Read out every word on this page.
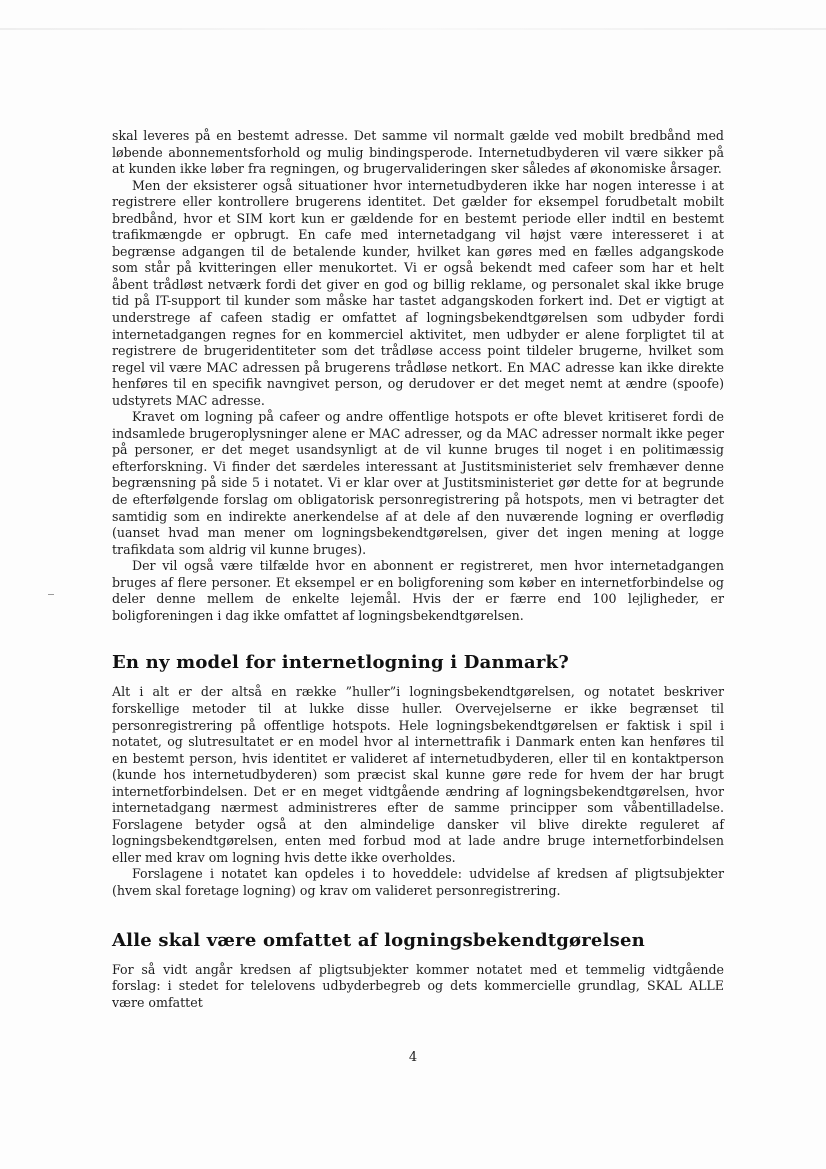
skal leveres på en bestemt adresse. Det samme vil normalt gælde ved mobilt bredbånd med løbende abonnementsforhold og mulig bindingsperode. Internetudbyderen vil være sikker på at kunden ikke løber fra regningen, og brugervalideringen sker således af økonomiske årsager.

Men der eksisterer også situationer hvor internetudbyderen ikke har nogen interesse i at registrere eller kontrollere brugerens identitet. Det gælder for eksempel forudbetalt mobilt bredbånd, hvor et SIM kort kun er gældende for en bestemt periode eller indtil en bestemt trafikmængde er opbrugt. En cafe med internetadgang vil højst være interesseret i at begrænse adgangen til de betalende kunder, hvilket kan gøres med en fælles adgangskode som står på kvitteringen eller menukortet. Vi er også bekendt med cafeer som har et helt åbent trådløst netværk fordi det giver en god og billig reklame, og personalet skal ikke bruge tid på IT-support til kunder som måske har tastet adgangskoden forkert ind. Det er vigtigt at understrege af cafeen stadig er omfattet af logningsbekendtgørelsen som udbyder fordi internetadgangen regnes for en kommerciel aktivitet, men udbyder er alene forpligtet til at registrere de brugeridentiteter som det trådløse access point tildeler brugerne, hvilket som regel vil være MAC adressen på brugerens trådløse netkort. En MAC adresse kan ikke direkte henføres til en specifik navngivet person, og derudover er det meget nemt at ændre (spoofe) udstyrets MAC adresse.

Kravet om logning på cafeer og andre offentlige hotspots er ofte blevet kritiseret fordi de indsamlede brugeroplysninger alene er MAC adresser, og da MAC adresser normalt ikke peger på personer, er det meget usandsynligt at de vil kunne bruges til noget i en politimæssig efterforskning. Vi finder det særdeles interessant at Justitsministeriet selv fremhæver denne begrænsning på side 5 i notatet. Vi er klar over at Justitsministeriet gør dette for at begrunde de efterfølgende forslag om obligatorisk personregistrering på hotspots, men vi betragter det samtidig som en indirekte anerkendelse af at dele af den nuværende logning er overflødig (uanset hvad man mener om logningsbekendtgørelsen, giver det ingen mening at logge trafikdata som aldrig vil kunne bruges).

Der vil også være tilfælde hvor en abonnent er registreret, men hvor internetadgangen bruges af flere personer. Et eksempel er en boligforening som køber en internetforbindelse og deler denne mellem de enkelte lejemål. Hvis der er færre end 100 lejligheder, er boligforeningen i dag ikke omfattet af logningsbekendtgørelsen.

En ny model for internetlogning i Danmark?

Alt i alt er der altså en række ”huller”i logningsbekendtgørelsen, og notatet beskriver forskellige metoder til at lukke disse huller. Overvejelserne er ikke begrænset til personregistrering på offentlige hotspots. Hele logningsbekendtgørelsen er faktisk i spil i notatet, og slutresultatet er en model hvor al internettrafik i Danmark enten kan henføres til en bestemt person, hvis identitet er valideret af internetudbyderen, eller til en kontaktperson (kunde hos internetudbyderen) som præcist skal kunne gøre rede for hvem der har brugt internetforbindelsen. Det er en meget vidtgående ændring af logningsbekendtgørelsen, hvor internetadgang nærmest administreres efter de samme principper som våbentilladelse. Forslagene betyder også at den almindelige dansker vil blive direkte reguleret af logningsbekendtgørelsen, enten med forbud mod at lade andre bruge internetforbindelsen eller med krav om logning hvis dette ikke overholdes.

Forslagene i notatet kan opdeles i to hoveddele: udvidelse af kredsen af pligtsubjekter (hvem skal foretage logning) og krav om valideret personregistrering.

Alle skal være omfattet af logningsbekendtgørelsen

For så vidt angår kredsen af pligtsubjekter kommer notatet med et temmelig vidtgående forslag: i stedet for telelovens udbyderbegreb og dets kommercielle grundlag, SKAL ALLE være omfattet

4
